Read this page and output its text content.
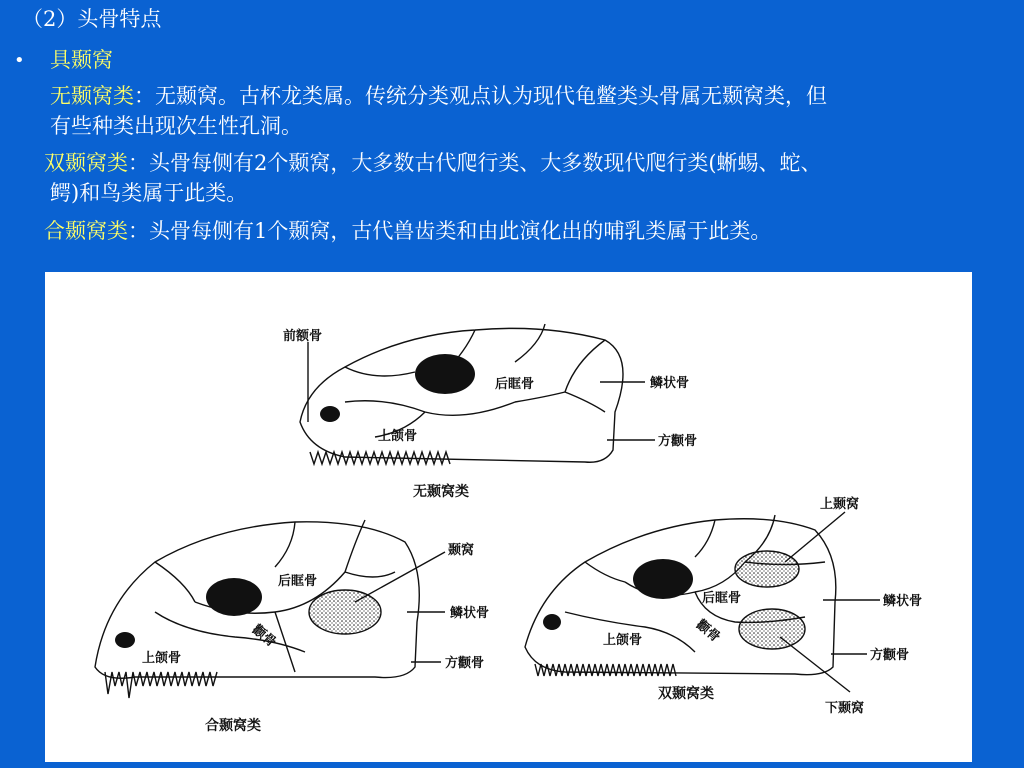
（2）头骨特点
• 具颞窝
无颞窝类：无颞窝。古杯龙类属。传统分类观点认为现代龟鳖类头骨属无颞窝类，但
有些种类出现次生性孔洞。
双颞窝类：头骨每侧有2个颞窝，大多数古代爬行类、大多数现代爬行类(蜥蜴、蛇、
鳄)和鸟类属于此类。
合颞窝类：头骨每侧有1个颞窝，古代兽齿类和由此演化出的哺乳类属于此类。
前额骨
后眶骨	鳞状骨
上颌骨	方颧骨
无颞窝类
颞窝
后眶骨
鳞状骨
上颌骨
颧骨
方颧骨
合颞窝类
上颞窝
后眶骨	鳞状骨
上颌骨	颧骨
方颧骨
下颞窝
双颞窝类
